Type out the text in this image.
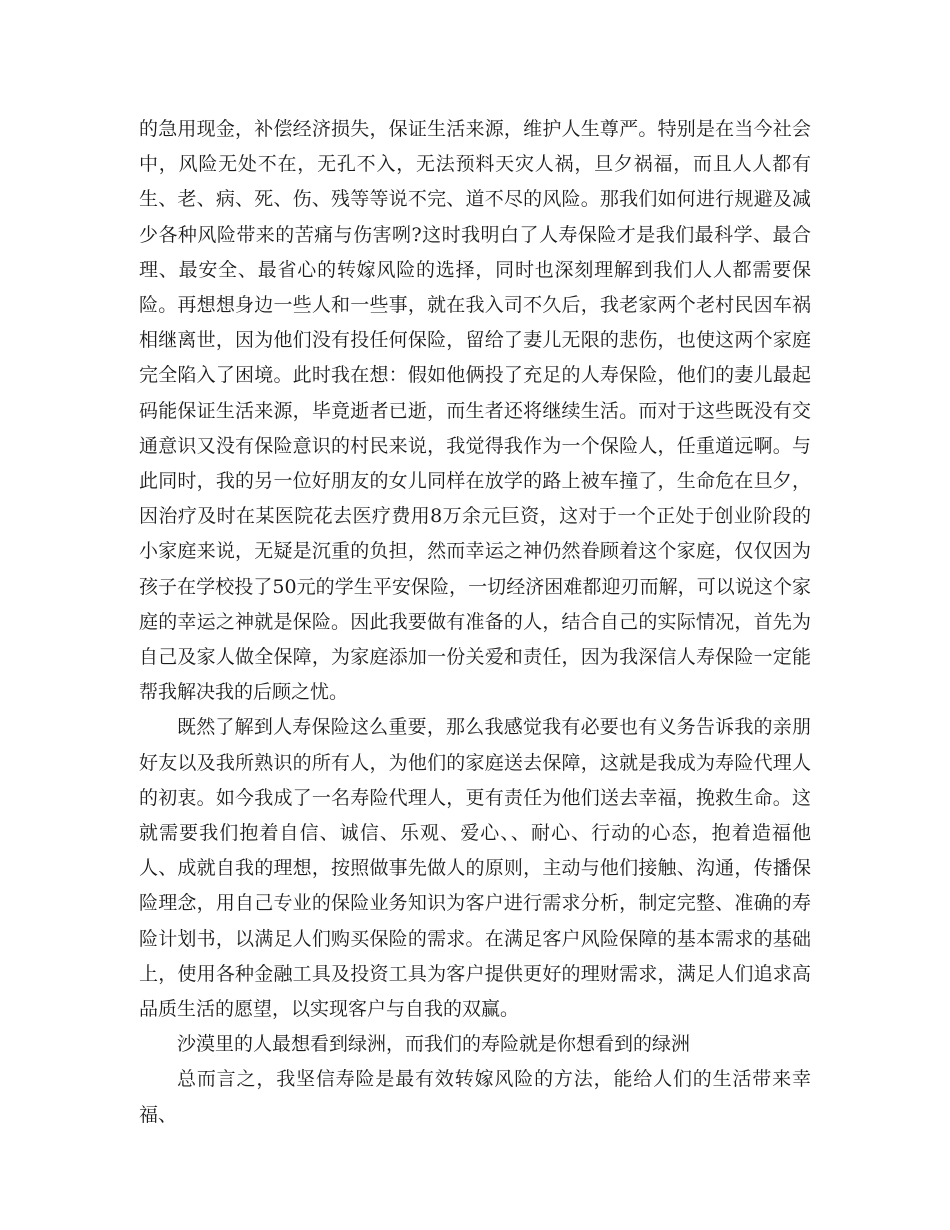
的急用现金，补偿经济损失，保证生活来源，维护人生尊严。特别是在当今社会中，风险无处不在，无孔不入，无法预料天灾人祸，旦夕祸福，而且人人都有生、老、病、死、伤、残等等说不完、道不尽的风险。那我们如何进行规避及减少各种风险带来的苦痛与伤害咧?这时我明白了人寿保险才是我们最科学、最合理、最安全、最省心的转嫁风险的选择，同时也深刻理解到我们人人都需要保险。再想想身边一些人和一些事，就在我入司不久后，我老家两个老村民因车祸相继离世，因为他们没有投任何保险，留给了妻儿无限的悲伤，也使这两个家庭完全陷入了困境。此时我在想：假如他俩投了充足的人寿保险，他们的妻儿最起码能保证生活来源，毕竟逝者已逝，而生者还将继续生活。而对于这些既没有交通意识又没有保险意识的村民来说，我觉得我作为一个保险人，任重道远啊。与此同时，我的另一位好朋友的女儿同样在放学的路上被车撞了，生命危在旦夕，因治疗及时在某医院花去医疗费用8万余元巨资，这对于一个正处于创业阶段的小家庭来说，无疑是沉重的负担，然而幸运之神仍然眷顾着这个家庭，仅仅因为孩子在学校投了50元的学生平安保险，一切经济困难都迎刃而解，可以说这个家庭的幸运之神就是保险。因此我要做有准备的人，结合自己的实际情况，首先为自己及家人做全保障，为家庭添加一份关爱和责任，因为我深信人寿保险一定能帮我解决我的后顾之忧。

既然了解到人寿保险这么重要，那么我感觉我有必要也有义务告诉我的亲朋好友以及我所熟识的所有人，为他们的家庭送去保障，这就是我成为寿险代理人的初衷。如今我成了一名寿险代理人，更有责任为他们送去幸福，挽救生命。这就需要我们抱着自信、诚信、乐观、爱心、、耐心、行动的心态，抱着造福他人、成就自我的理想，按照做事先做人的原则，主动与他们接触、沟通，传播保险理念，用自己专业的保险业务知识为客户进行需求分析，制定完整、准确的寿险计划书，以满足人们购买保险的需求。在满足客户风险保障的基本需求的基础上，使用各种金融工具及投资工具为客户提供更好的理财需求，满足人们追求高品质生活的愿望，以实现客户与自我的双赢。

沙漠里的人最想看到绿洲，而我们的寿险就是你想看到的绿洲

总而言之，我坚信寿险是最有效转嫁风险的方法，能给人们的生活带来幸福、
